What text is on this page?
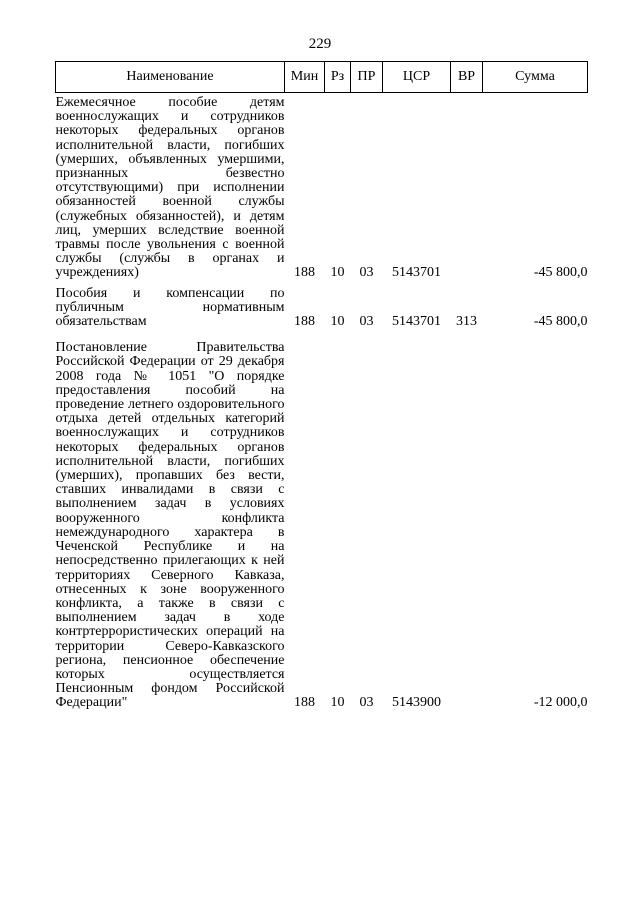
229
Наименование	Мин	Рз	ПР	ЦСР	ВР	Сумма
Ежемесячное пособие детям военнослужащих и сотрудников некоторых федеральных органов исполнительной власти, погибших (умерших, объявленных умершими, признанных безвестно отсутствующими) при исполнении обязанностей военной службы (служебных обязанностей), и детям лиц, умерших вследствие военной травмы после увольнения с военной службы (службы в органах и учреждениях)	188	10	03	5143701		-45 800,0
Пособия и компенсации по публичным нормативным обязательствам	188	10	03	5143701	313	-45 800,0
Постановление Правительства Российской Федерации от 29 декабря 2008 года № 1051 "О порядке предоставления пособий на проведение летнего оздоровительного отдыха детей отдельных категорий военнослужащих и сотрудников некоторых федеральных органов исполнительной власти, погибших (умерших), пропавших без вести, ставших инвалидами в связи с выполнением задач в условиях вооруженного конфликта немеждународного характера в Чеченской Республике и на непосредственно прилегающих к ней территориях Северного Кавказа, отнесенных к зоне вооруженного конфликта, а также в связи с выполнением задач в ходе контртеррористических операций на территории Северо-Кавказского региона, пенсионное обеспечение которых осуществляется Пенсионным фондом Российской Федерации"	188	10	03	5143900		-12 000,0
